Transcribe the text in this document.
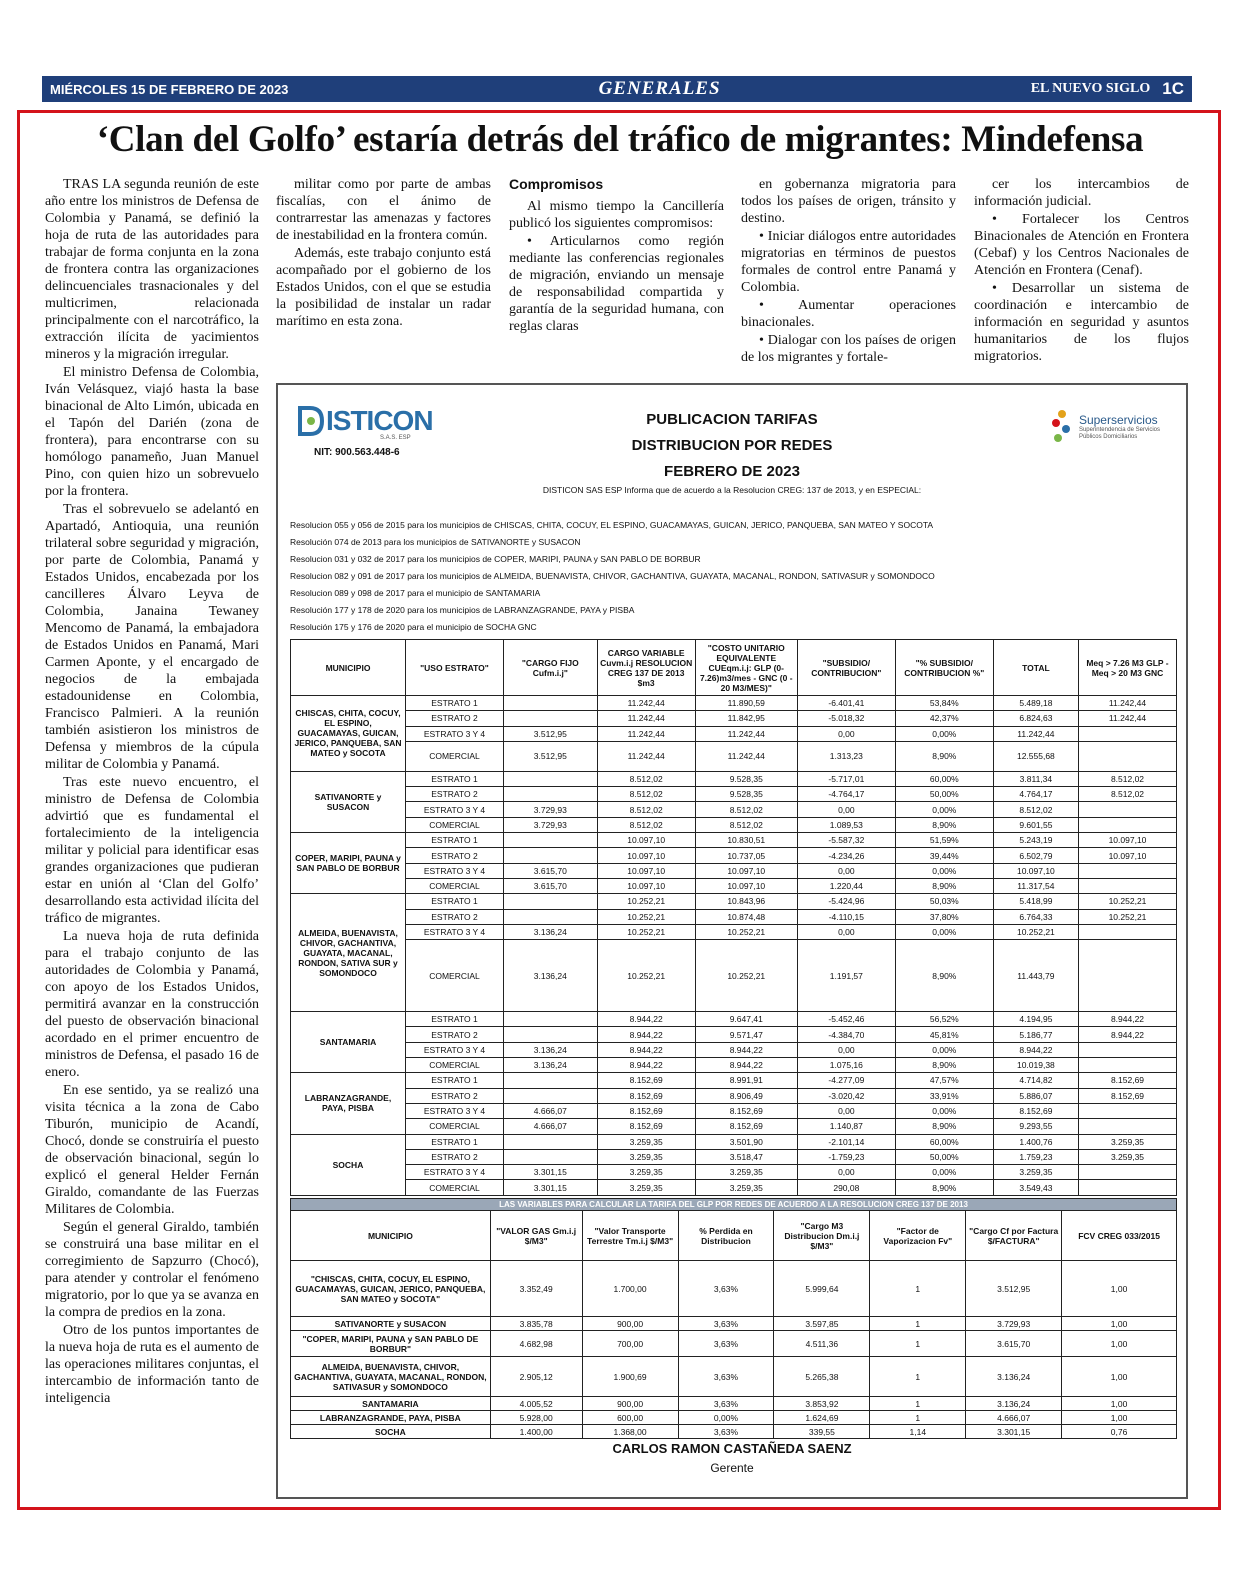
MIÉRCOLES 15 DE FEBRERO DE 2023	GENERALES	EL NUEVO SIGLO 1C
‘Clan del Golfo’ estaría detrás del tráfico de migrantes: Mindefensa

TRAS LA segunda reunión de este año entre los ministros de Defensa de Colombia y Panamá, se definió la hoja de ruta de las autoridades para trabajar de forma conjunta en la zona de frontera contra las organizaciones delincuenciales trasnacionales y del multicrimen, relacionada principalmente con el narcotráfico, la extracción ilícita de yacimientos mineros y la migración irregular.

El ministro Defensa de Colombia, Iván Velásquez, viajó hasta la base binacional de Alto Limón, ubicada en el Tapón del Darién (zona de frontera), para encontrarse con su homólogo panameño, Juan Manuel Pino, con quien hizo un sobrevuelo por la frontera.

Tras el sobrevuelo se adelantó en Apartadó, Antioquia, una reunión trilateral sobre seguridad y migración, por parte de Colombia, Panamá y Estados Unidos, encabezada por los cancilleres Álvaro Leyva de Colombia, Janaina Tewaney Mencomo de Panamá, la embajadora de Estados Unidos en Panamá, Mari Carmen Aponte, y el encargado de negocios de la embajada estadounidense en Colombia, Francisco Palmieri. A la reunión también asistieron los ministros de Defensa y miembros de la cúpula militar de Colombia y Panamá.

Tras este nuevo encuentro, el ministro de Defensa de Colombia advirtió que es fundamental el fortalecimiento de la inteligencia militar y policial para identificar esas grandes organizaciones que pudieran estar en unión al ‘Clan del Golfo’ desarrollando esta actividad ilícita del tráfico de migrantes.

La nueva hoja de ruta definida para el trabajo conjunto de las autoridades de Colombia y Panamá, con apoyo de los Estados Unidos, permitirá avanzar en la construcción del puesto de observación binacional acordado en el primer encuentro de ministros de Defensa, el pasado 16 de enero.

En ese sentido, ya se realizó una visita técnica a la zona de Cabo Tiburón, municipio de Acandí, Chocó, donde se construiría el puesto de observación binacional, según lo explicó el general Helder Fernán Giraldo, comandante de las Fuerzas Militares de Colombia.

Según el general Giraldo, también se construirá una base militar en el corregimiento de Sapzurro (Chocó), para atender y controlar el fenómeno migratorio, por lo que ya se avanza en la compra de predios en la zona.

Otro de los puntos importantes de la nueva hoja de ruta es el aumento de las operaciones militares conjuntas, el intercambio de información tanto de inteligencia

militar como por parte de ambas fiscalías, con el ánimo de contrarrestar las amenazas y factores de inestabilidad en la frontera común.

Además, este trabajo conjunto está acompañado por el gobierno de los Estados Unidos, con el que se estudia la posibilidad de instalar un radar marítimo en esta zona.

Compromisos

Al mismo tiempo la Cancillería publicó los siguientes compromisos:

• Articularnos como región mediante las conferencias regionales de migración, enviando un mensaje de responsabilidad compartida y garantía de la seguridad humana, con reglas claras

en gobernanza migratoria para todos los países de origen, tránsito y destino.

• Iniciar diálogos entre autoridades migratorias en términos de puestos formales de control entre Panamá y Colombia.

• Aumentar operaciones binacionales.

• Dialogar con los países de origen de los migrantes y fortale-

cer los intercambios de información judicial.

• Fortalecer los Centros Binacionales de Atención en Frontera (Cebaf) y los Centros Nacionales de Atención en Frontera (Cenaf).

• Desarrollar un sistema de coordinación e intercambio de información en seguridad y asuntos humanitarios de los flujos migratorios.

ISTICON
S.A.S. ESP
NIT: 900.563.448-6
PUBLICACION TARIFAS
DISTRIBUCION POR REDES
FEBRERO DE 2023
DISTICON SAS ESP Informa que de acuerdo a la Resolucion CREG: 137 de 2013, y en ESPECIAL:
Superservicios
Superintendencia de Servicios
Públicos Domiciliarios
Resolucion 055 y 056 de 2015 para los municipios de CHISCAS, CHITA, COCUY, EL ESPINO, GUACAMAYAS, GUICAN, JERICO, PANQUEBA, SAN MATEO Y SOCOTA
Resolución 074 de 2013 para los municipios de SATIVANORTE y SUSACON
Resolucion 031 y 032 de 2017 para los municipios de COPER, MARIPI, PAUNA y SAN PABLO DE BORBUR
Resolucion 082 y 091 de 2017 para los municipios de ALMEIDA, BUENAVISTA, CHIVOR, GACHANTIVA, GUAYATA, MACANAL, RONDON, SATIVASUR y SOMONDOCO
Resolucion 089 y 098 de 2017 para el municipio de SANTAMARIA
Resolución 177 y 178 de 2020 para los municipios de LABRANZAGRANDE, PAYA y PISBA
Resolución 175 y 176 de 2020 para el municipio de SOCHA GNC
MUNICIPIO	"USO ESTRATO"	"CARGO FIJO Cufm.i.j"	CARGO VARIABLE Cuvm.i.j RESOLUCION CREG 137 DE 2013 $m3	"COSTO UNITARIO EQUIVALENTE CUEqm.i.j: GLP (0-7.26)m3/mes - GNC (0 - 20 M3/MES)"	"SUBSIDIO/ CONTRIBUCION"	"% SUBSIDIO/ CONTRIBUCION %"	TOTAL	Meq > 7.26 M3 GLP - Meq > 20 M3 GNC
CHISCAS, CHITA, COCUY, EL ESPINO, GUACAMAYAS, GUICAN, JERICO, PANQUEBA, SAN MATEO y SOCOTA	ESTRATO 1		11.242,44	11.890,59	-6.401,41	53,84%	5.489,18	11.242,44
	ESTRATO 2		11.242,44	11.842,95	-5.018,32	42,37%	6.824,63	11.242,44
	ESTRATO 3 Y 4	3.512,95	11.242,44	11.242,44	0,00	0,00%	11.242,44	
	COMERCIAL	3.512,95	11.242,44	11.242,44	1.313,23	8,90%	12.555,68	
SATIVANORTE y SUSACON	ESTRATO 1		8.512,02	9.528,35	-5.717,01	60,00%	3.811,34	8.512,02
	ESTRATO 2		8.512,02	9.528,35	-4.764,17	50,00%	4.764,17	8.512,02
	ESTRATO 3 Y 4	3.729,93	8.512,02	8.512,02	0,00	0,00%	8.512,02	
	COMERCIAL	3.729,93	8.512,02	8.512,02	1.089,53	8,90%	9.601,55	
COPER, MARIPI, PAUNA y SAN PABLO DE BORBUR	ESTRATO 1		10.097,10	10.830,51	-5.587,32	51,59%	5.243,19	10.097,10
	ESTRATO 2		10.097,10	10.737,05	-4.234,26	39,44%	6.502,79	10.097,10
	ESTRATO 3 Y 4	3.615,70	10.097,10	10.097,10	0,00	0,00%	10.097,10	
	COMERCIAL	3.615,70	10.097,10	10.097,10	1.220,44	8,90%	11.317,54	
ALMEIDA, BUENAVISTA, CHIVOR, GACHANTIVA, GUAYATA, MACANAL, RONDON, SATIVA SUR y SOMONDOCO	ESTRATO 1		10.252,21	10.843,96	-5.424,96	50,03%	5.418,99	10.252,21
	ESTRATO 2		10.252,21	10.874,48	-4.110,15	37,80%	6.764,33	10.252,21
	ESTRATO 3 Y 4	3.136,24	10.252,21	10.252,21	0,00	0,00%	10.252,21	
	COMERCIAL	3.136,24	10.252,21	10.252,21	1.191,57	8,90%	11.443,79	
SANTAMARIA	ESTRATO 1		8.944,22	9.647,41	-5.452,46	56,52%	4.194,95	8.944,22
	ESTRATO 2		8.944,22	9.571,47	-4.384,70	45,81%	5.186,77	8.944,22
	ESTRATO 3 Y 4	3.136,24	8.944,22	8.944,22	0,00	0,00%	8.944,22	
	COMERCIAL	3.136,24	8.944,22	8.944,22	1.075,16	8,90%	10.019,38	
LABRANZAGRANDE, PAYA, PISBA	ESTRATO 1		8.152,69	8.991,91	-4.277,09	47,57%	4.714,82	8.152,69
	ESTRATO 2		8.152,69	8.906,49	-3.020,42	33,91%	5.886,07	8.152,69
	ESTRATO 3 Y 4	4.666,07	8.152,69	8.152,69	0,00	0,00%	8.152,69	
	COMERCIAL	4.666,07	8.152,69	8.152,69	1.140,87	8,90%	9.293,55	
SOCHA	ESTRATO 1		3.259,35	3.501,90	-2.101,14	60,00%	1.400,76	3.259,35
	ESTRATO 2		3.259,35	3.518,47	-1.759,23	50,00%	1.759,23	3.259,35
	ESTRATO 3 Y 4	3.301,15	3.259,35	3.259,35	0,00	0,00%	3.259,35	
	COMERCIAL	3.301,15	3.259,35	3.259,35	290,08	8,90%	3.549,43	
LAS VARIABLES PARA CALCULAR LA TARIFA DEL GLP POR REDES DE ACUERDO A LA RESOLUCION CREG 137 DE 2013							
MUNICIPIO	"VALOR GAS Gm.i.j $/M3"	"Valor Transporte Terrestre Tm.i.j $/M3"	% Perdida en Distribucion	"Cargo M3 Distribucion Dm.i.j $/M3"	"Factor de Vaporizacion Fv"	"Cargo Cf por Factura $/FACTURA"	FCV CREG 033/2015
"CHISCAS, CHITA, COCUY, EL ESPINO, GUACAMAYAS, GUICAN, JERICO, PANQUEBA, SAN MATEO y SOCOTA"	3.352,49	1.700,00	3,63%	5.999,64	1	3.512,95	1,00
SATIVANORTE y SUSACON	3.835,78	900,00	3,63%	3.597,85	1	3.729,93	1,00
"COPER, MARIPI, PAUNA y SAN PABLO DE BORBUR"	4.682,98	700,00	3,63%	4.511,36	1	3.615,70	1,00
ALMEIDA, BUENAVISTA, CHIVOR, GACHANTIVA, GUAYATA, MACANAL, RONDON, SATIVASUR y SOMONDOCO	2.905,12	1.900,69	3,63%	5.265,38	1	3.136,24	1,00
SANTAMARIA	4.005,52	900,00	3,63%	3.853,92	1	3.136,24	1,00
LABRANZAGRANDE, PAYA, PISBA	5.928,00	600,00	0,00%	1.624,69	1	4.666,07	1,00
SOCHA	1.400,00	1.368,00	3,63%	339,55	1,14	3.301,15	0,76
CARLOS RAMON CASTAÑEDA SAENZ
Gerente
